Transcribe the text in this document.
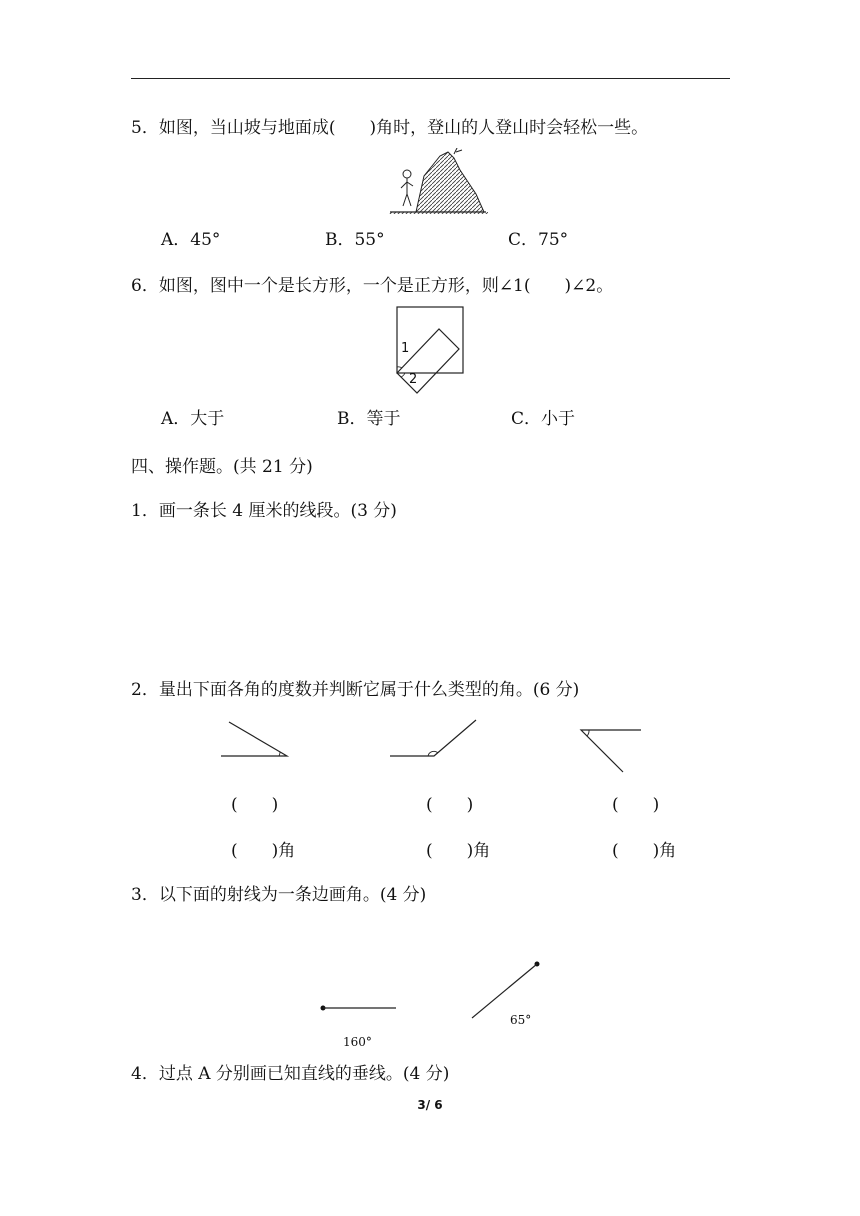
5．如图，当山坡与地面成(　　)角时，登山的人登山时会轻松一些。
A．45°	B．55°	C．75°
6．如图，图中一个是长方形，一个是正方形，则∠1(　　)∠2。
1
2
A．大于	B．等于	C．小于
四、操作题。(共 21 分)
1．画一条长 4 厘米的线段。(3 分)
2．量出下面各角的度数并判断它属于什么类型的角。(6 分)
(　　)	(　　)	(　　)
(　　)角	(　　)角	(　　)角
3．以下面的射线为一条边画角。(4 分)
160°
65°
4．过点 A 分别画已知直线的垂线。(4 分)
3/ 6
